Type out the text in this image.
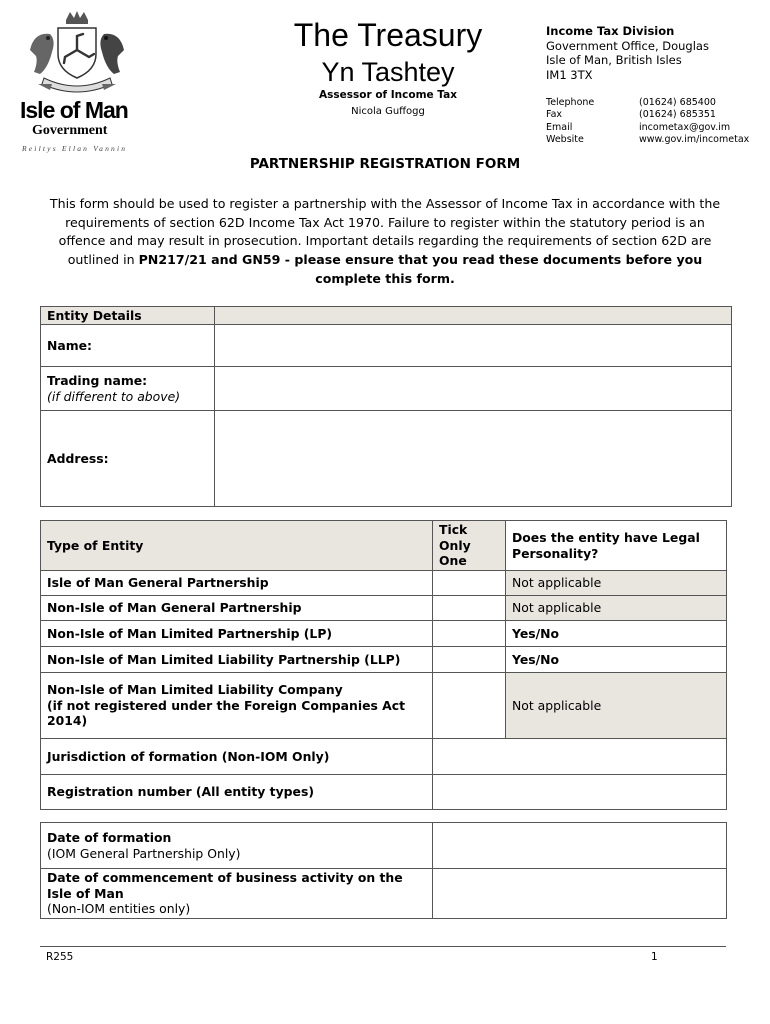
Isle of Man
Government
Reiltys Ellan Vannin
The Treasury
Yn Tashtey
Assessor of Income Tax
Nicola Guffogg
Income Tax Division
Government Office, Douglas
Isle of Man, British Isles
IM1 3TX
Telephone	(01624) 685400
Fax	(01624) 685351
Email	incometax@gov.im
Website	www.gov.im/incometax
PARTNERSHIP REGISTRATION FORM
This form should be used to register a partnership with the Assessor of Income Tax in accordance with the requirements of section 62D Income Tax Act 1970. Failure to register within the statutory period is an offence and may result in prosecution. Important details regarding the requirements of section 62D are outlined in PN217/21 and GN59 - please ensure that you read these documents before you complete this form.
Entity Details	
Name:	

Trading name:
(if different to above)	

Address:	
Type of Entity	Tick
Only
One	Does the entity have Legal Personality?
Isle of Man General Partnership		Not applicable
Non-Isle of Man General Partnership		Not applicable
Non-Isle of Man Limited Partnership (LP)		Yes/No
Non-Isle of Man Limited Liability Partnership (LLP)		Yes/No

Non-Isle of Man Limited Liability Company
(if not registered under the Foreign Companies Act 2014)		Not applicable
Jurisdiction of formation (Non-IOM Only)		
Registration number (All entity types)		
Date of formation
(IOM General Partnership Only)	

Date of commencement of business activity on the Isle of Man
(Non-IOM entities only)	

R255	1
